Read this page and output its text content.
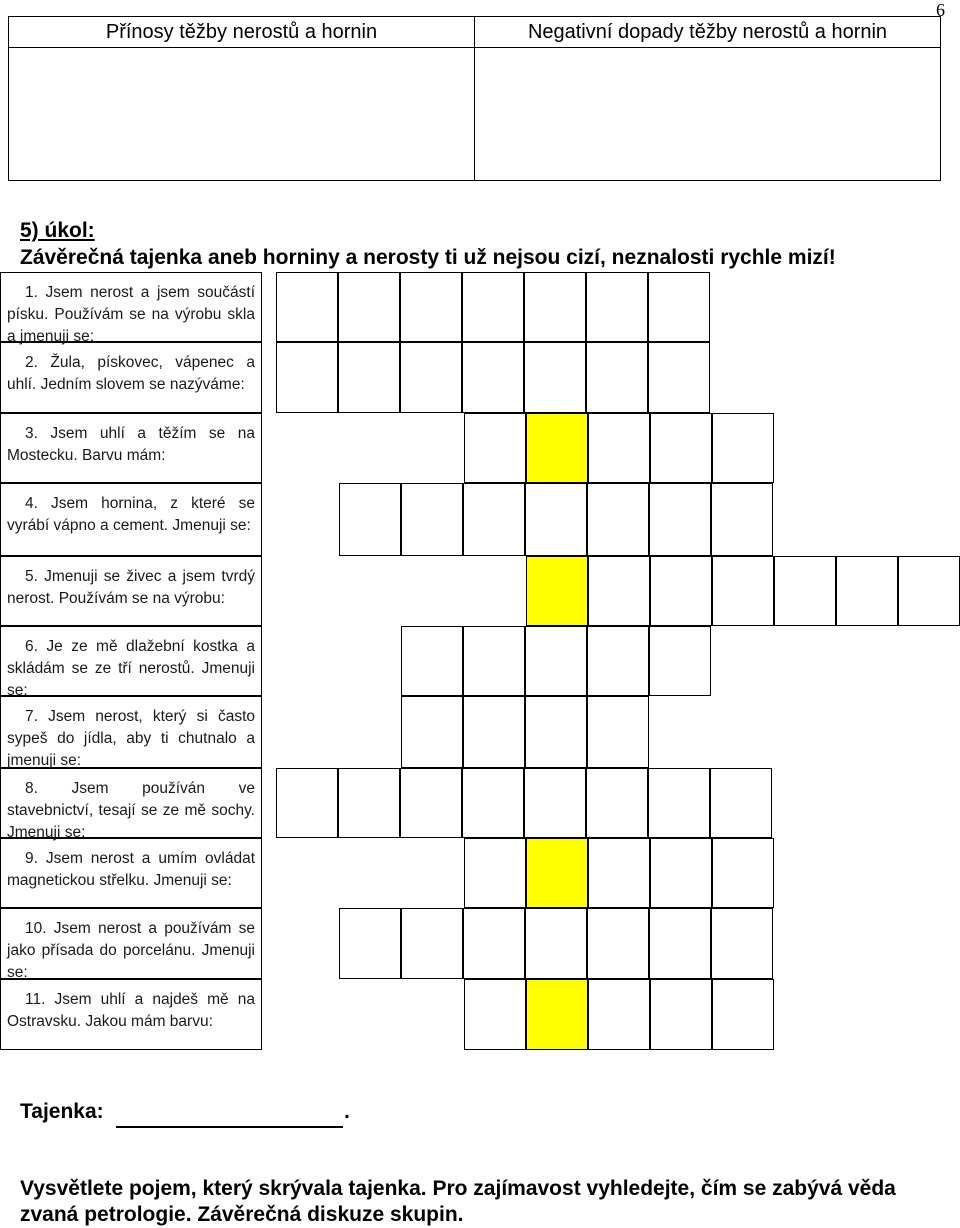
6
Přínosy těžby nerostů a hornin	Negativní dopady těžby nerostů a hornin
5) úkol:
Závěrečná tajenka aneb horniny a nerosty ti už nejsou cizí, neznalosti rychle mizí!
1. Jsem nerost a jsem součástí písku. Používám se na výrobu skla a jmenuji se:
2. Žula, pískovec, vápenec a uhlí. Jedním slovem se nazýváme:
3. Jsem uhlí a těžím se na Mostecku. Barvu mám:
4. Jsem hornina, z které se vyrábí vápno a cement. Jmenuji se:
5. Jmenuji se živec a jsem tvrdý nerost. Používám se na výrobu:
6. Je ze mě dlažební kostka a skládám se ze tří nerostů. Jmenuji se:
7. Jsem nerost, který si často sypeš do jídla, aby ti chutnalo a jmenuji se:
8. Jsem používán ve stavebnictví, tesají se ze mě sochy. Jmenuji se:
9. Jsem nerost a umím ovládat magnetickou střelku. Jmenuji se:
10. Jsem nerost a používám se jako přísada do porcelánu. Jmenuji se:
11. Jsem uhlí a najdeš mě na Ostravsku. Jakou mám barvu:
Tajenka:	.
Vysvětlete pojem, který skrývala tajenka. Pro zajímavost vyhledejte, čím se zabývá věda zvaná petrologie. Závěrečná diskuze skupin.
